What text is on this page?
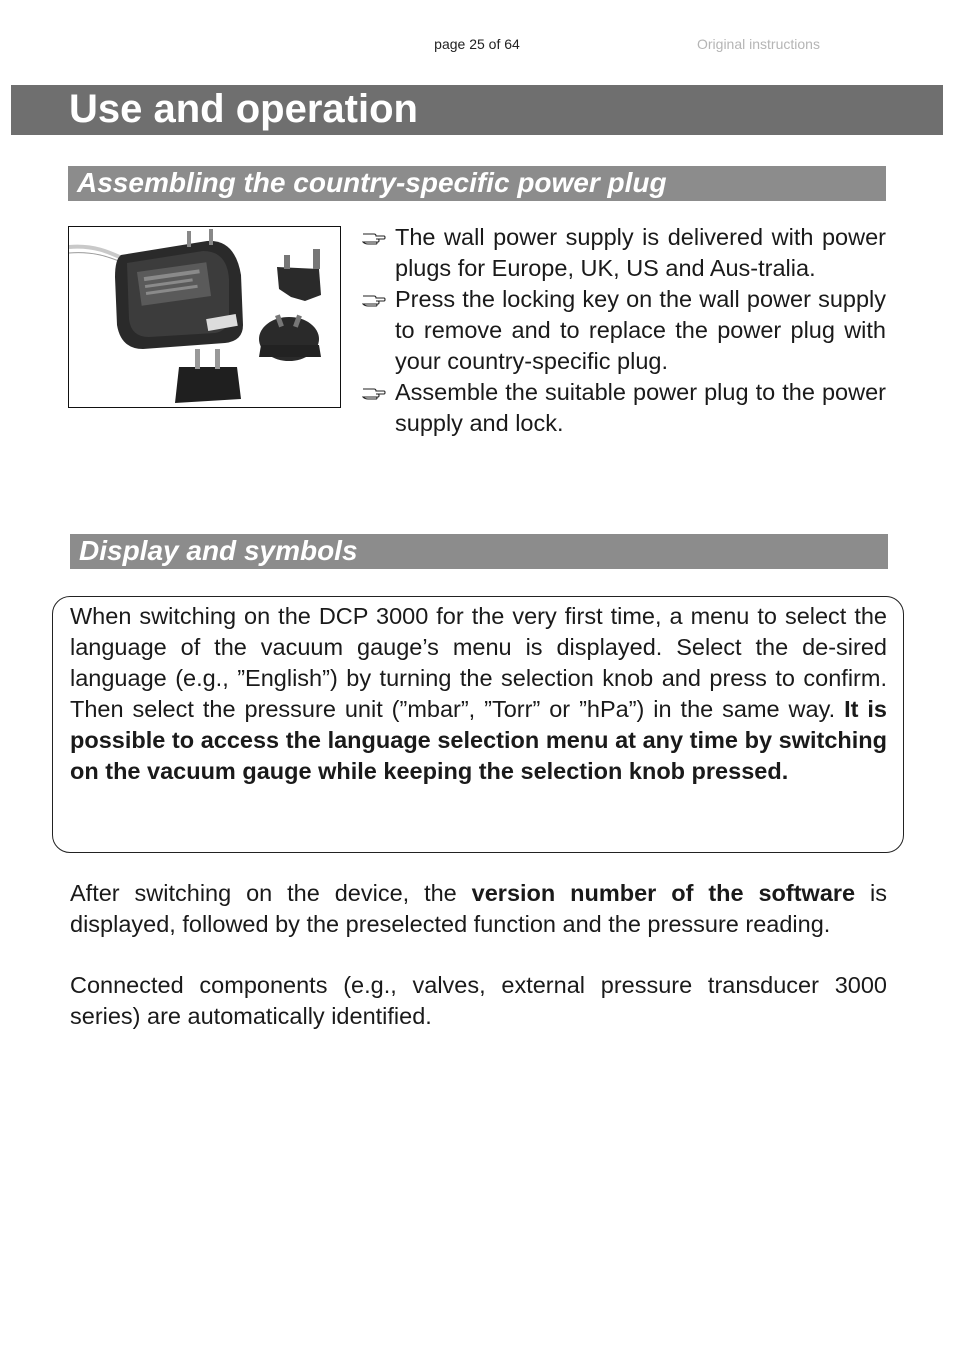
page 25 of 64	Original instructions
Use and operation
Assembling the country-specific power plug
The wall power supply is delivered with power plugs for Europe, UK, US and Aus-tralia.
Press the locking key on the wall power supply to remove and to replace the power plug with your country-specific plug.
Assemble the suitable power plug to the power supply and lock.
Display and symbols

When switching on the DCP 3000 for the very first time, a menu to select the language of the vacuum gauge’s menu is displayed. Select the de-sired language (e.g., ”English”) by turning the selection knob and press to confirm. Then select the pressure unit (”mbar”, ”Torr” or ”hPa”) in the same way. It is possible to access the language selection menu at any time by switching on the vacuum gauge while keeping the selection knob pressed.

After switching on the device, the version number of the software is displayed, followed by the preselected function and the pressure reading.

Connected components (e.g., valves, external pressure transducer 3000 series) are automatically identified.
